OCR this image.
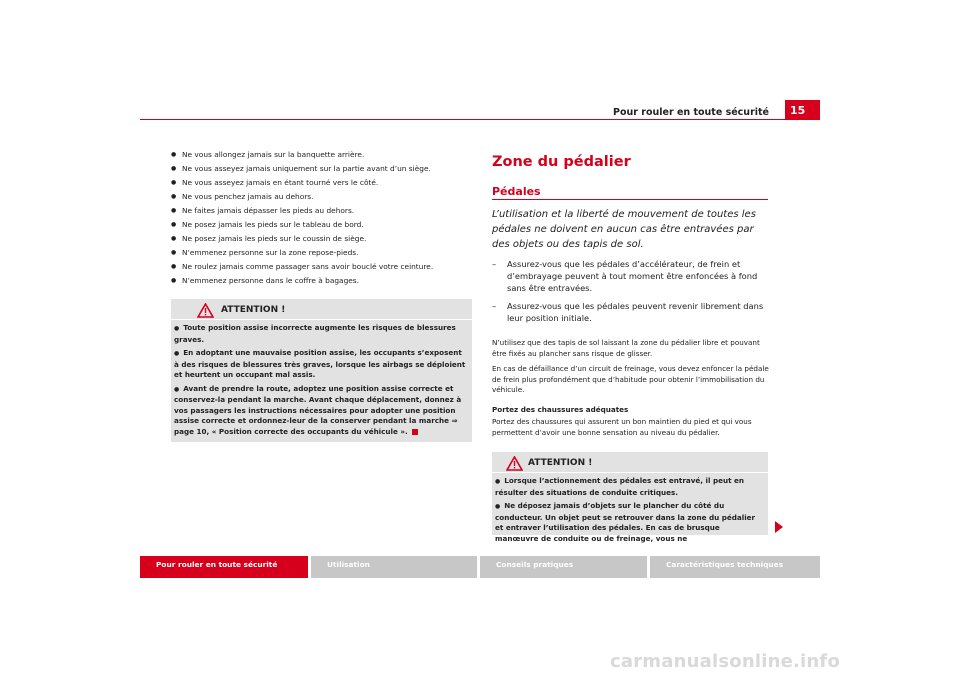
Pour rouler en toute sécurité	15
● Ne vous allongez jamais sur la banquette arrière.
● Ne vous asseyez jamais uniquement sur la partie avant d’un siège.
● Ne vous asseyez jamais en étant tourné vers le côté.
● Ne vous penchez jamais au dehors.
● Ne faites jamais dépasser les pieds au dehors.
● Ne posez jamais les pieds sur le tableau de bord.
● Ne posez jamais les pieds sur le coussin de siège.
● N’emmenez personne sur la zone repose-pieds.
● Ne roulez jamais comme passager sans avoir bouclé votre ceinture.
● N’emmenez personne dans le coffre à bagages.
ATTENTION !

● Toute position assise incorrecte augmente les risques de blessures graves.

● En adoptant une mauvaise position assise, les occupants s’exposent à des risques de blessures très graves, lorsque les airbags se déploient et heurtent un occupant mal assis.

● Avant de prendre la route, adoptez une position assise correcte et conservez-la pendant la marche. Avant chaque déplacement, donnez à vos passagers les instructions nécessaires pour adopter une position assise correcte et ordonnez-leur de la conserver pendant la marche ⇒ page 10, « Position correcte des occupants du véhicule ».

Zone du pédalier
Pédales

L’utilisation et la liberté de mouvement de toutes les pédales ne doivent en aucun cas être entravées par des objets ou des tapis de sol.

– Assurez-vous que les pédales d’accélérateur, de frein et d’embrayage peuvent à tout moment être enfoncées à fond sans être entravées.
– Assurez-vous que les pédales peuvent revenir librement dans leur position initiale.

N’utilisez que des tapis de sol laissant la zone du pédalier libre et pouvant être fixés au plancher sans risque de glisser.

En cas de défaillance d’un circuit de freinage, vous devez enfoncer la pédale de frein plus profondément que d’habitude pour obtenir l’immobilisation du véhicule.

Portez des chaussures adéquates

Portez des chaussures qui assurent un bon maintien du pied et qui vous permettent d’avoir une bonne sensation au niveau du pédalier.

ATTENTION !

● Lorsque l’actionnement des pédales est entravé, il peut en résulter des situations de conduite critiques.

● Ne déposez jamais d’objets sur le plancher du côté du conducteur. Un objet peut se retrouver dans la zone du pédalier et entraver l’utilisation des pédales. En cas de brusque manœuvre de conduite ou de freinage, vous ne

Pour rouler en toute sécurité	Utilisation	Conseils pratiques	Caractéristiques techniques
carmanualsonline.info
